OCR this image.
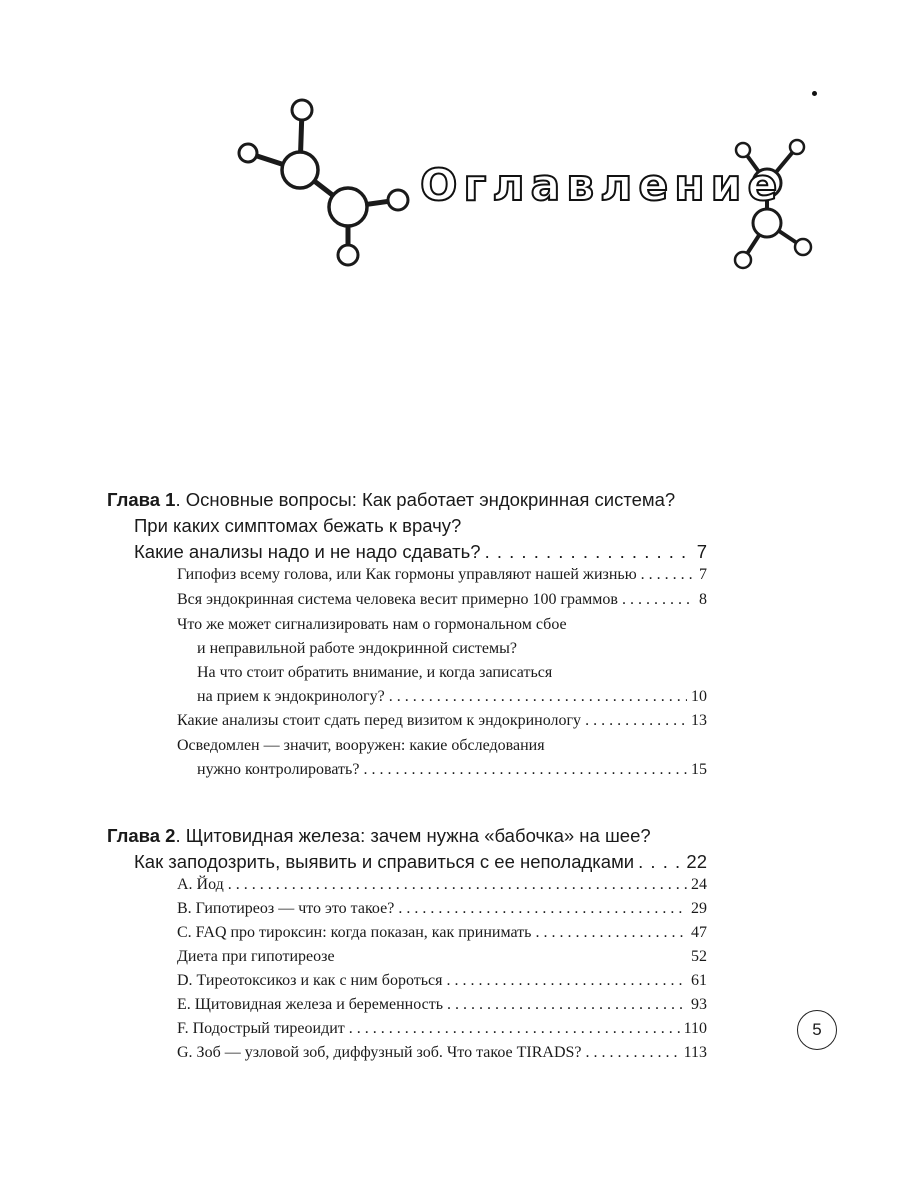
Оглавление
Глава 1 . Основные вопросы: Как работает эндокринная система?
При каких симптомах бежать к врачу?
Какие анализы надо и не надо сдавать? . . .	7
Гипофиз всему голова, или Как гормоны управляют нашей жизнью . . .	7
Вся эндокринная система человека весит примерно 100 граммов . . .	8
Что же может сигнализировать нам о гормональном сбое
и неправильной работе эндокринной системы?
На что стоит обратить внимание, и когда записаться
на прием к эндокринологу? . . .	10
Какие анализы стоит сдать перед визитом к эндокринологу . . .	13
Осведомлен — значит, вооружен: какие обследования
нужно контролировать? . . .	15
Глава 2 . Щитовидная железа: зачем нужна «бабочка» на шее?
Как заподозрить, выявить и справиться с ее неполадками . . .	22
A. Йод . . .	24
B. Гипотиреоз — что это такое? . . .	29
C. FAQ про тироксин: когда показан, как принимать . . .	47
Диета при гипотиреозе	52
D. Тиреотоксикоз и как с ним бороться . . .	61
E. Щитовидная железа и беременность . . .	93
F. Подострый тиреоидит . . .	110
G. Зоб — узловой зоб, диффузный зоб. Что такое TIRADS? . . .	113
5
